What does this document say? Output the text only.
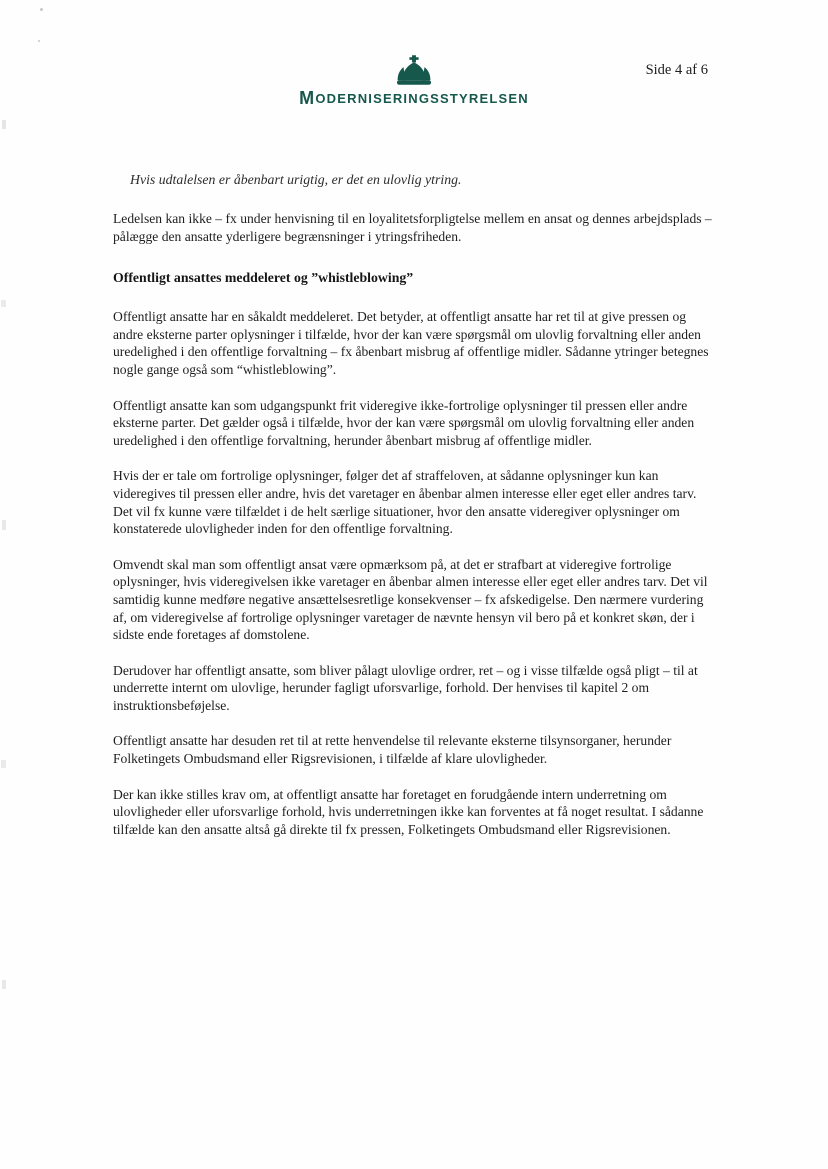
MODERNISERINGSSTYRELSEN
Side 4 af 6
Hvis udtalelsen er åbenbart urigtig, er det en ulovlig ytring.

Ledelsen kan ikke – fx under henvisning til en loyalitetsforpligtelse mellem en ansat og dennes arbejdsplads – pålægge den ansatte yderligere begrænsninger i ytringsfriheden.

Offentligt ansattes meddeleret og ”whistleblowing”

Offentligt ansatte har en såkaldt meddeleret. Det betyder, at offentligt ansatte har ret til at give pressen og andre eksterne parter oplysninger i tilfælde, hvor der kan være spørgsmål om ulovlig forvaltning eller anden uredelighed i den offentlige forvaltning – fx åbenbart misbrug af offentlige midler. Sådanne ytringer betegnes nogle gange også som “whistleblowing”.

Offentligt ansatte kan som udgangspunkt frit videregive ikke-fortrolige oplysninger til pressen eller andre eksterne parter. Det gælder også i tilfælde, hvor der kan være spørgsmål om ulovlig forvaltning eller anden uredelighed i den offentlige forvaltning, herunder åbenbart misbrug af offentlige midler.

Hvis der er tale om fortrolige oplysninger, følger det af straffeloven, at sådanne oplysninger kun kan videregives til pressen eller andre, hvis det varetager en åbenbar almen interesse eller eget eller andres tarv. Det vil fx kunne være tilfældet i de helt særlige situationer, hvor den ansatte videregiver oplysninger om konstaterede ulovligheder inden for den offentlige forvaltning.

Omvendt skal man som offentligt ansat være opmærksom på, at det er strafbart at videregive fortrolige oplysninger, hvis videregivelsen ikke varetager en åbenbar almen interesse eller eget eller andres tarv. Det vil samtidig kunne medføre negative ansættelsesretlige konsekvenser – fx afskedigelse. Den nærmere vurdering af, om videregivelse af fortrolige oplysninger varetager de nævnte hensyn vil bero på et konkret skøn, der i sidste ende foretages af domstolene.

Derudover har offentligt ansatte, som bliver pålagt ulovlige ordrer, ret – og i visse tilfælde også pligt – til at underrette internt om ulovlige, herunder fagligt uforsvarlige, forhold. Der henvises til kapitel 2 om instruktionsbeføjelse.

Offentligt ansatte har desuden ret til at rette henvendelse til relevante eksterne tilsynsorganer, herunder Folketingets Ombudsmand eller Rigsrevisionen, i tilfælde af klare ulovligheder.

Der kan ikke stilles krav om, at offentligt ansatte har foretaget en forudgående intern underretning om ulovligheder eller uforsvarlige forhold, hvis underretningen ikke kan forventes at få noget resultat. I sådanne tilfælde kan den ansatte altså gå direkte til fx pressen, Folketingets Ombudsmand eller Rigsrevisionen.
